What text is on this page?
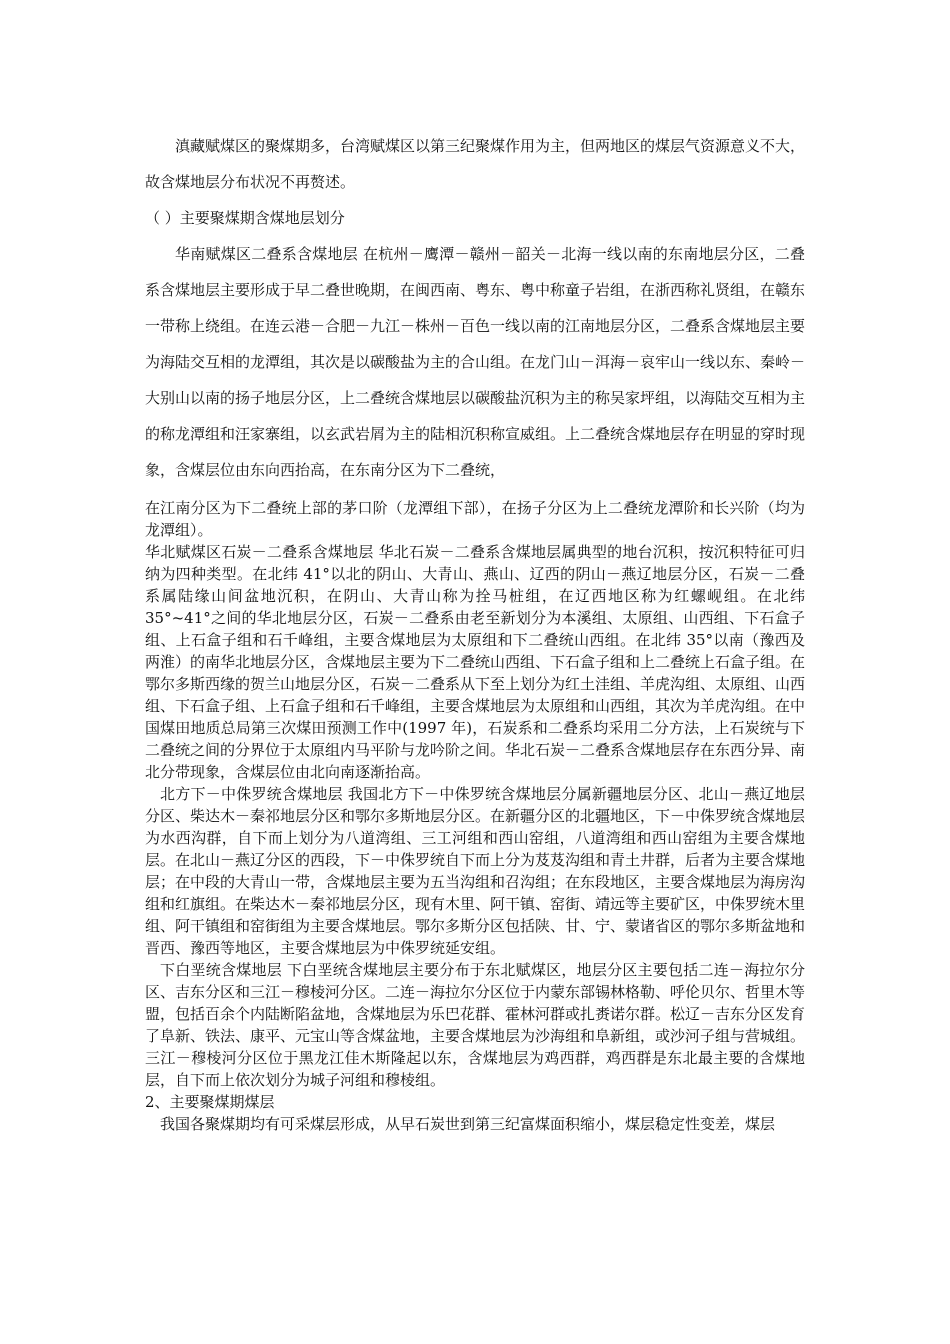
滇藏赋煤区的聚煤期多，台湾赋煤区以第三纪聚煤作用为主，但两地区的煤层气资源意义不大，故含煤地层分布状况不再赘述。

（ ）主要聚煤期含煤地层划分

华南赋煤区二叠系含煤地层 在杭州－鹰潭－赣州－韶关－北海一线以南的东南地层分区，二叠系含煤地层主要形成于早二叠世晚期，在闽西南、粤东、粤中称童子岩组，在浙西称礼贤组，在赣东一带称上绕组。在连云港－合肥－九江－株州－百色一线以南的江南地层分区，二叠系含煤地层主要为海陆交互相的龙潭组，其次是以碳酸盐为主的合山组。在龙门山－洱海－哀牢山一线以东、秦岭－大别山以南的扬子地层分区，上二叠统含煤地层以碳酸盐沉积为主的称吴家坪组，以海陆交互相为主的称龙潭组和汪家寨组，以玄武岩屑为主的陆相沉积称宣威组。上二叠统含煤地层存在明显的穿时现象，含煤层位由东向西抬高，在东南分区为下二叠统，

在江南分区为下二叠统上部的茅口阶（龙潭组下部），在扬子分区为上二叠统龙潭阶和长兴阶（均为龙潭组）。

华北赋煤区石炭－二叠系含煤地层 华北石炭－二叠系含煤地层属典型的地台沉积，按沉积特征可归纳为四种类型。在北纬 41°以北的阴山、大青山、燕山、辽西的阴山－燕辽地层分区，石炭－二叠系属陆缘山间盆地沉积，在阴山、大青山称为拴马桩组，在辽西地区称为红螺岘组。在北纬 35°~41°之间的华北地层分区，石炭－二叠系由老至新划分为本溪组、太原组、山西组、下石盒子组、上石盒子组和石千峰组，主要含煤地层为太原组和下二叠统山西组。在北纬 35°以南（豫西及两淮）的南华北地层分区，含煤地层主要为下二叠统山西组、下石盒子组和上二叠统上石盒子组。在鄂尔多斯西缘的贺兰山地层分区，石炭－二叠系从下至上划分为红土洼组、羊虎沟组、太原组、山西组、下石盒子组、上石盒子组和石千峰组，主要含煤地层为太原组和山西组，其次为羊虎沟组。在中国煤田地质总局第三次煤田预测工作中(1997 年)，石炭系和二叠系均采用二分方法，上石炭统与下二叠统之间的分界位于太原组内马平阶与龙吟阶之间。华北石炭－二叠系含煤地层存在东西分异、南北分带现象，含煤层位由北向南逐渐抬高。

北方下－中侏罗统含煤地层 我国北方下－中侏罗统含煤地层分属新疆地层分区、北山－燕辽地层分区、柴达木－秦祁地层分区和鄂尔多斯地层分区。在新疆分区的北疆地区，下－中侏罗统含煤地层为水西沟群，自下而上划分为八道湾组、三工河组和西山窑组，八道湾组和西山窑组为主要含煤地层。在北山－燕辽分区的西段，下－中侏罗统自下而上分为芨芨沟组和青土井群，后者为主要含煤地层；在中段的大青山一带，含煤地层主要为五当沟组和召沟组；在东段地区，主要含煤地层为海房沟组和红旗组。在柴达木－秦祁地层分区，现有木里、阿干镇、窑街、靖远等主要矿区，中侏罗统木里组、阿干镇组和窑街组为主要含煤地层。鄂尔多斯分区包括陕、甘、宁、蒙诸省区的鄂尔多斯盆地和晋西、豫西等地区，主要含煤地层为中侏罗统延安组。

下白垩统含煤地层 下白垩统含煤地层主要分布于东北赋煤区，地层分区主要包括二连－海拉尔分区、吉东分区和三江－穆棱河分区。二连－海拉尔分区位于内蒙东部锡林格勒、呼伦贝尔、哲里木等盟，包括百余个内陆断陷盆地，含煤地层为乐巴花群、霍林河群或扎赉诺尔群。松辽－吉东分区发育了阜新、铁法、康平、元宝山等含煤盆地，主要含煤地层为沙海组和阜新组，或沙河子组与营城组。三江－穆棱河分区位于黑龙江佳木斯隆起以东，含煤地层为鸡西群，鸡西群是东北最主要的含煤地层，自下而上依次划分为城子河组和穆棱组。

2、主要聚煤期煤层

我国各聚煤期均有可采煤层形成，从早石炭世到第三纪富煤面积缩小，煤层稳定性变差，煤层
